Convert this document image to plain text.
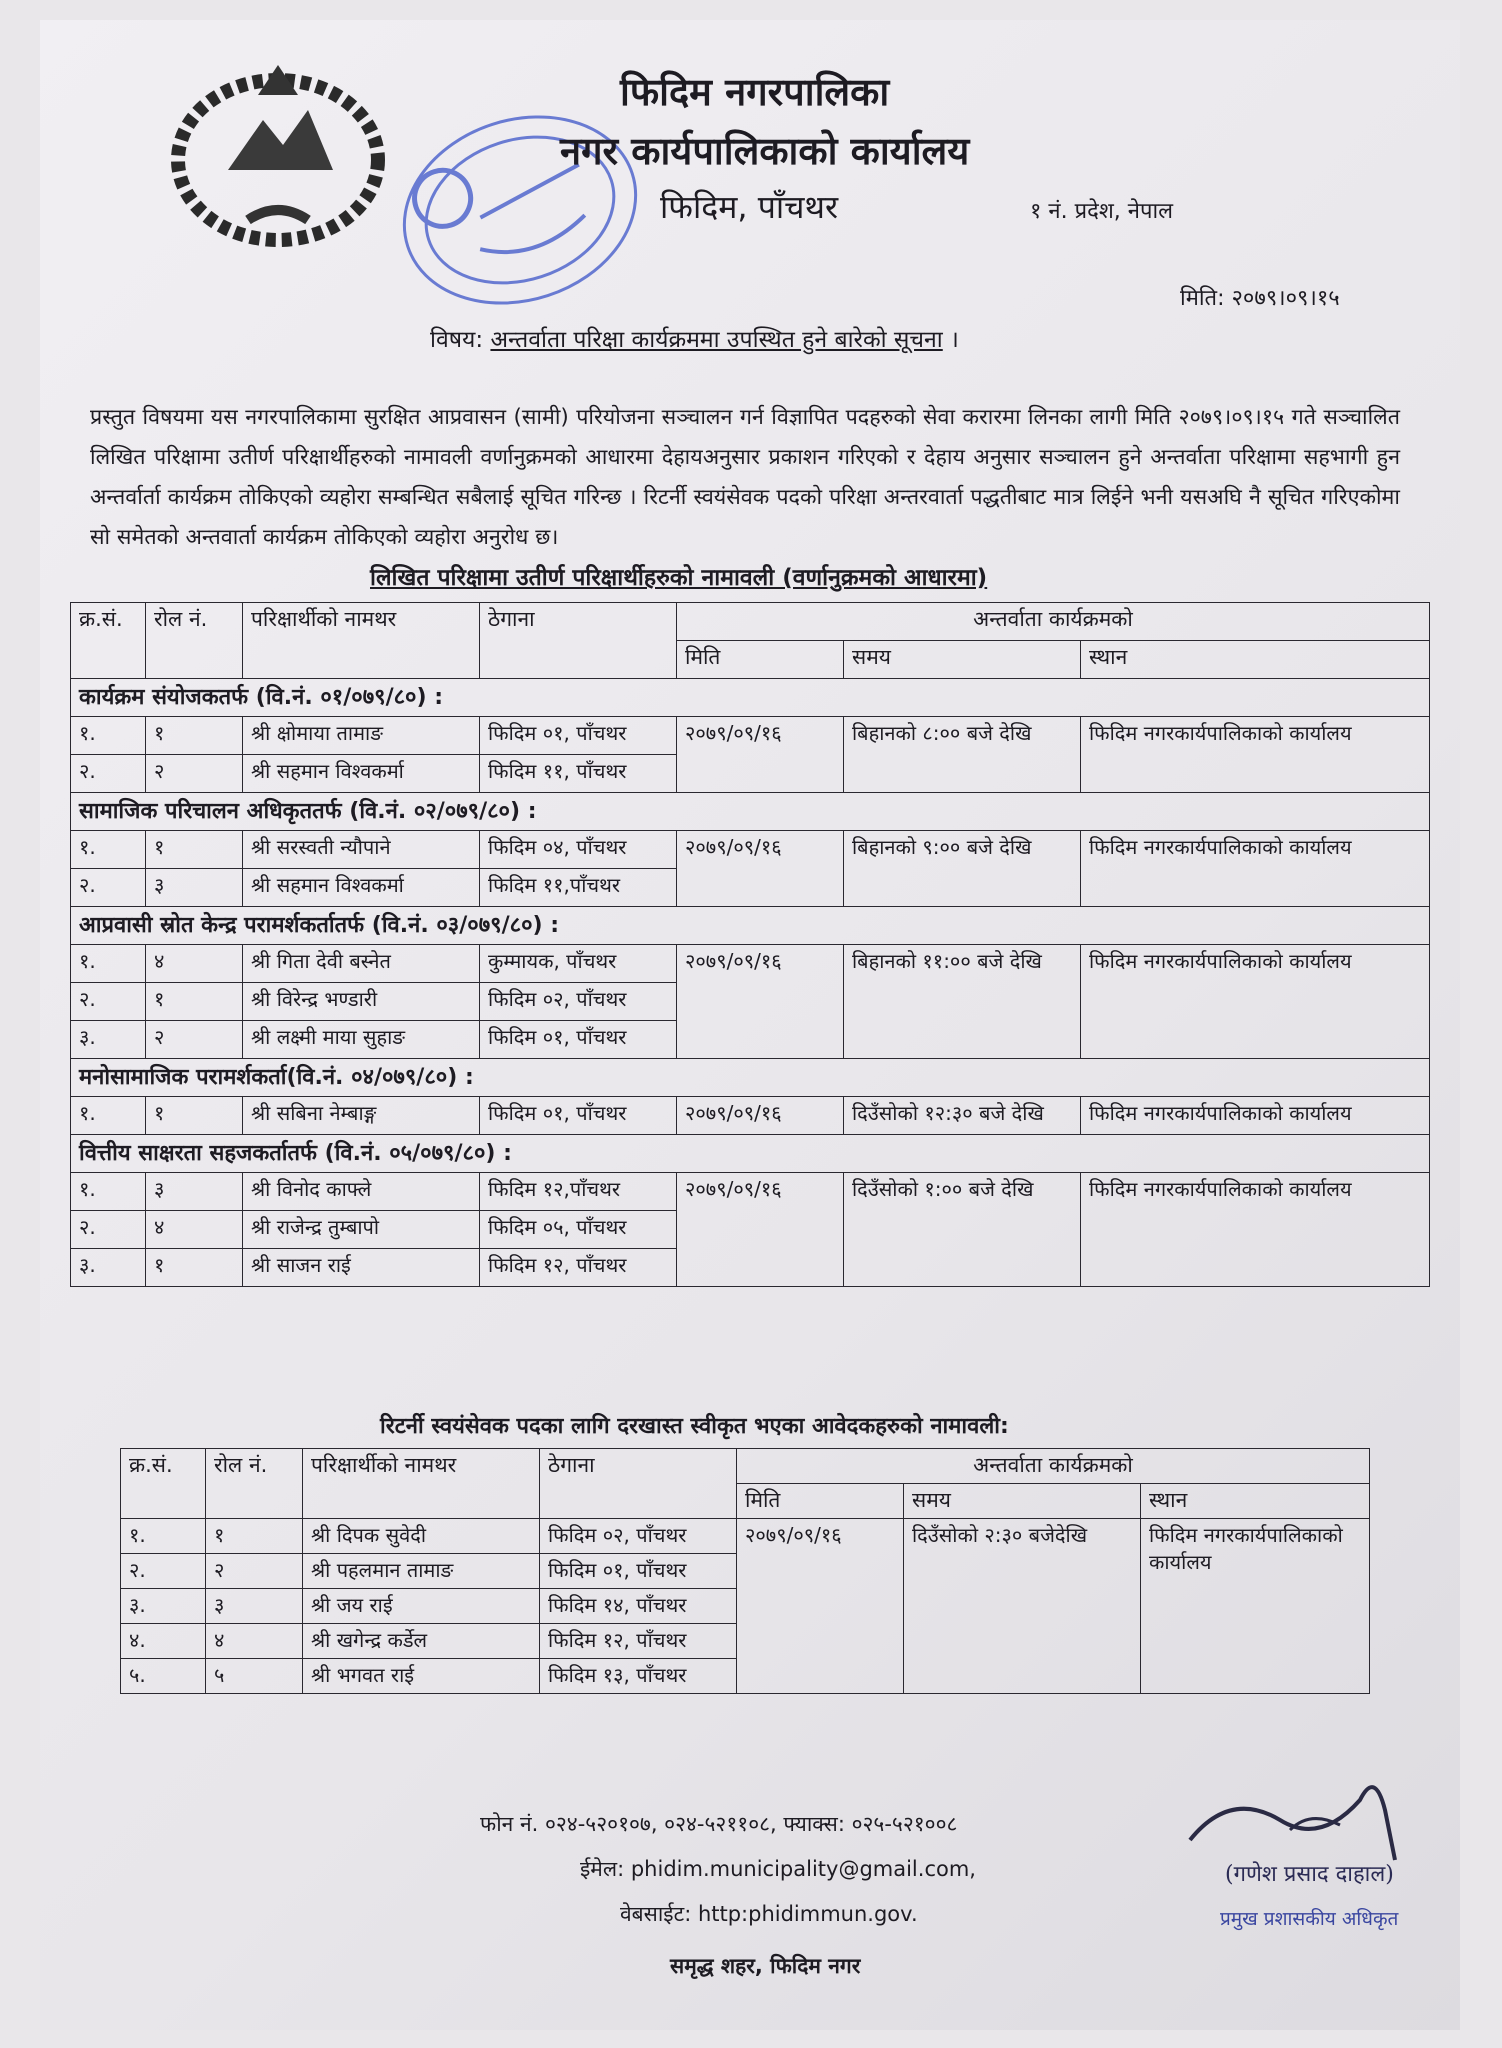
फिदिम नगरपालिका
नगर कार्यपालिकाको कार्यालय
फिदिम, पाँचथर	१ नं. प्रदेश, नेपाल
मिति: २०७९।०९।१५
विषय: अन्तर्वाता परिक्षा कार्यक्रममा उपस्थित हुने बारेको सूचना ।
प्रस्तुत विषयमा यस नगरपालिकामा सुरक्षित आप्रवासन (सामी) परियोजना सञ्चालन गर्न विज्ञापित पदहरुको सेवा करारमा लिनका लागी मिति २०७९।०९।१५ गते सञ्चालित लिखित परिक्षामा उतीर्ण परिक्षार्थीहरुको नामावली वर्णानुक्रमको आधारमा देहायअनुसार प्रकाशन गरिएको र देहाय अनुसार सञ्चालन हुने अन्तर्वाता परिक्षामा सहभागी हुन अन्तर्वार्ता कार्यक्रम तोकिएको व्यहोरा सम्बन्धित सबैलाई सूचित गरिन्छ । रिटर्नी स्वयंसेवक पदको परिक्षा अन्तरवार्ता पद्धतीबाट मात्र लिईने भनी यसअघि नै सूचित गरिएकोमा सो समेतको अन्तवार्ता कार्यक्रम तोकिएको व्यहोरा अनुरोध छ।
लिखित परिक्षामा उतीर्ण परिक्षार्थीहरुको नामावली (वर्णानुक्रमको आधारमा)
क्र.सं.	रोल नं.	परिक्षार्थीको नामथर	ठेगाना	अन्तर्वाता कार्यक्रमको		
				मिति	समय	स्थान
कार्यक्रम संयोजकतर्फ (वि.नं. ०१/०७९/८०) :						
१.	१	श्री क्षोमाया तामाङ	फिदिम ०१, पाँचथर	२०७९/०९/१६	बिहानको ८:०० बजे देखि	फिदिम नगरकार्यपालिकाको कार्यालय
२.	२	श्री सहमान विश्वकर्मा	फिदिम ११, पाँचथर			
सामाजिक परिचालन अधिकृततर्फ (वि.नं. ०२/०७९/८०) :						
१.	१	श्री सरस्वती न्यौपाने	फिदिम ०४, पाँचथर	२०७९/०९/१६	बिहानको ९:०० बजे देखि	फिदिम नगरकार्यपालिकाको कार्यालय
२.	३	श्री सहमान विश्वकर्मा	फिदिम ११,पाँचथर			
आप्रवासी स्रोत केन्द्र परामर्शकर्तातर्फ (वि.नं. ०३/०७९/८०) :						
१.	४	श्री गिता देवी बस्नेत	कुम्मायक, पाँचथर	२०७९/०९/१६	बिहानको ११:०० बजे देखि	फिदिम नगरकार्यपालिकाको कार्यालय
२.	१	श्री विरेन्द्र भण्डारी	फिदिम ०२, पाँचथर			
३.	२	श्री लक्ष्मी माया सुहाङ	फिदिम ०१, पाँचथर			
मनोसामाजिक परामर्शकर्ता(वि.नं. ०४/०७९/८०) :						
१.	१	श्री सबिना नेम्बाङ्ग	फिदिम ०१, पाँचथर	२०७९/०९/१६	दिउँसोको १२:३० बजे देखि	फिदिम नगरकार्यपालिकाको कार्यालय
वित्तीय साक्षरता सहजकर्तातर्फ (वि.नं. ०५/०७९/८०) :						
१.	३	श्री विनोद काफ्ले	फिदिम १२,पाँचथर	२०७९/०९/१६	दिउँसोको १:०० बजे देखि	फिदिम नगरकार्यपालिकाको कार्यालय
२.	४	श्री राजेन्द्र तुम्बापो	फिदिम ०५, पाँचथर			
३.	१	श्री साजन राई	फिदिम १२, पाँचथर			
रिटर्नी स्वयंसेवक पदका लागि दरखास्त स्वीकृत भएका आवेदकहरुको नामावली:
क्र.सं.	रोल नं.	परिक्षार्थीको नामथर	ठेगाना	अन्तर्वाता कार्यक्रमको		
				मिति	समय	स्थान
१.	१	श्री दिपक सुवेदी	फिदिम ०२, पाँचथर	२०७९/०९/१६	दिउँसोको २:३० बजेदेखि	फिदिम नगरकार्यपालिकाको कार्यालय
२.	२	श्री पहलमान तामाङ	फिदिम ०१, पाँचथर			
३.	३	श्री जय राई	फिदिम १४, पाँचथर			
४.	४	श्री खगेन्द्र कर्डेल	फिदिम १२, पाँचथर			
५.	५	श्री भगवत राई	फिदिम १३, पाँचथर			
फोन नं. ०२४-५२०१०७, ०२४-५२११०८, फ्याक्स: ०२५-५२१००८
ईमेल: phidim.municipality@gmail.com,
वेबसाईट: http:phidimmun.gov.
समृद्ध शहर, फिदिम नगर
(गणेश प्रसाद दाहाल)
प्रमुख प्रशासकीय अधिकृत
